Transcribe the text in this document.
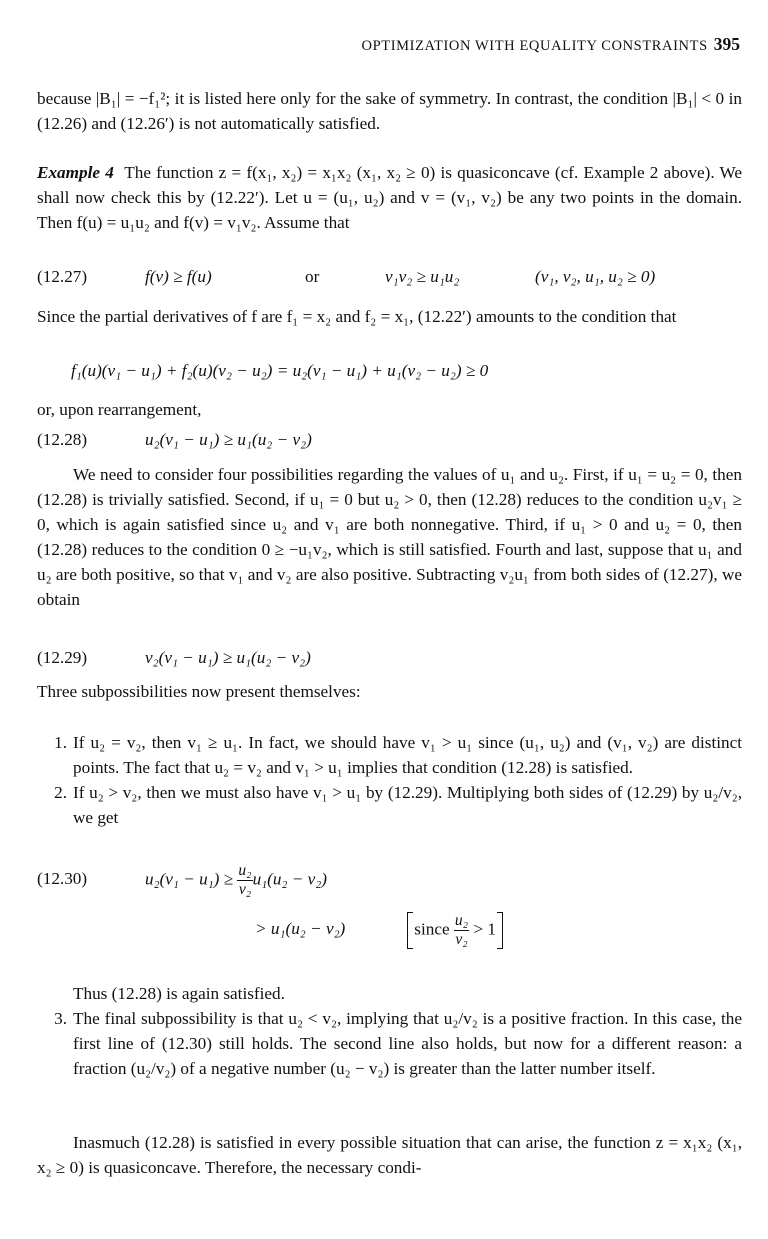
OPTIMIZATION WITH EQUALITY CONSTRAINTS 395
because |B₁| = −f₁²; it is listed here only for the sake of symmetry. In contrast, the condition |B₁| < 0 in (12.26) and (12.26′) is not automatically satisfied.
Example 4 The function z = f(x₁, x₂) = x₁x₂ (x₁, x₂ ≥ 0) is quasiconcave (cf. Example 2 above). We shall now check this by (12.22′). Let u = (u₁, u₂) and v = (v₁, v₂) be any two points in the domain. Then f(u) = u₁u₂ and f(v) = v₁v₂. Assume that
(12.27)	f(v) ≥ f(u)	or	v₁v₂ ≥ u₁u₂	(v₁, v₂, u₁, u₂ ≥ 0)
Since the partial derivatives of f are f₁ = x₂ and f₂ = x₁, (12.22′) amounts to the condition that
f₁(u)(v₁ − u₁) + f₂(u)(v₂ − u₂) = u₂(v₁ − u₁) + u₁(v₂ − u₂) ≥ 0
or, upon rearrangement,
(12.28)	u₂(v₁ − u₁) ≥ u₁(u₂ − v₂)
We need to consider four possibilities regarding the values of u₁ and u₂. First, if u₁ = u₂ = 0, then (12.28) is trivially satisfied. Second, if u₁ = 0 but u₂ > 0, then (12.28) reduces to the condition u₂v₁ ≥ 0, which is again satisfied since u₂ and v₁ are both nonnegative. Third, if u₁ > 0 and u₂ = 0, then (12.28) reduces to the condition 0 ≥ −u₁v₂, which is still satisfied. Fourth and last, suppose that u₁ and u₂ are both positive, so that v₁ and v₂ are also positive. Subtracting v₂u₁ from both sides of (12.27), we obtain
(12.29)	v₂(v₁ − u₁) ≥ u₁(u₂ − v₂)
Three subpossibilities now present themselves:
1. If u₂ = v₂, then v₁ ≥ u₁. In fact, we should have v₁ > u₁ since (u₁, u₂) and (v₁, v₂) are distinct points. The fact that u₂ = v₂ and v₁ > u₁ implies that condition (12.28) is satisfied.
2. If u₂ > v₂, then we must also have v₁ > u₁ by (12.29). Multiplying both sides of (12.29) by u₂/v₂, we get
(12.30)	$u_2(v_1 - u_1) \ge \frac{\text{u₂}}{\text{v₂}} u_1(u_2 - v_2)$
> u₁(u₂ − v₂)	since $\frac{\text{u₂}}{\text{v₂}} > 1$
Thus (12.28) is again satisfied.
3. The final subpossibility is that u₂ < v₂, implying that u₂/v₂ is a positive fraction. In this case, the first line of (12.30) still holds. The second line also holds, but now for a different reason: a fraction (u₂/v₂) of a negative number (u₂ − v₂) is greater than the latter number itself.
Inasmuch (12.28) is satisfied in every possible situation that can arise, the function z = x₁x₂ (x₁, x₂ ≥ 0) is quasiconcave. Therefore, the necessary condi-
